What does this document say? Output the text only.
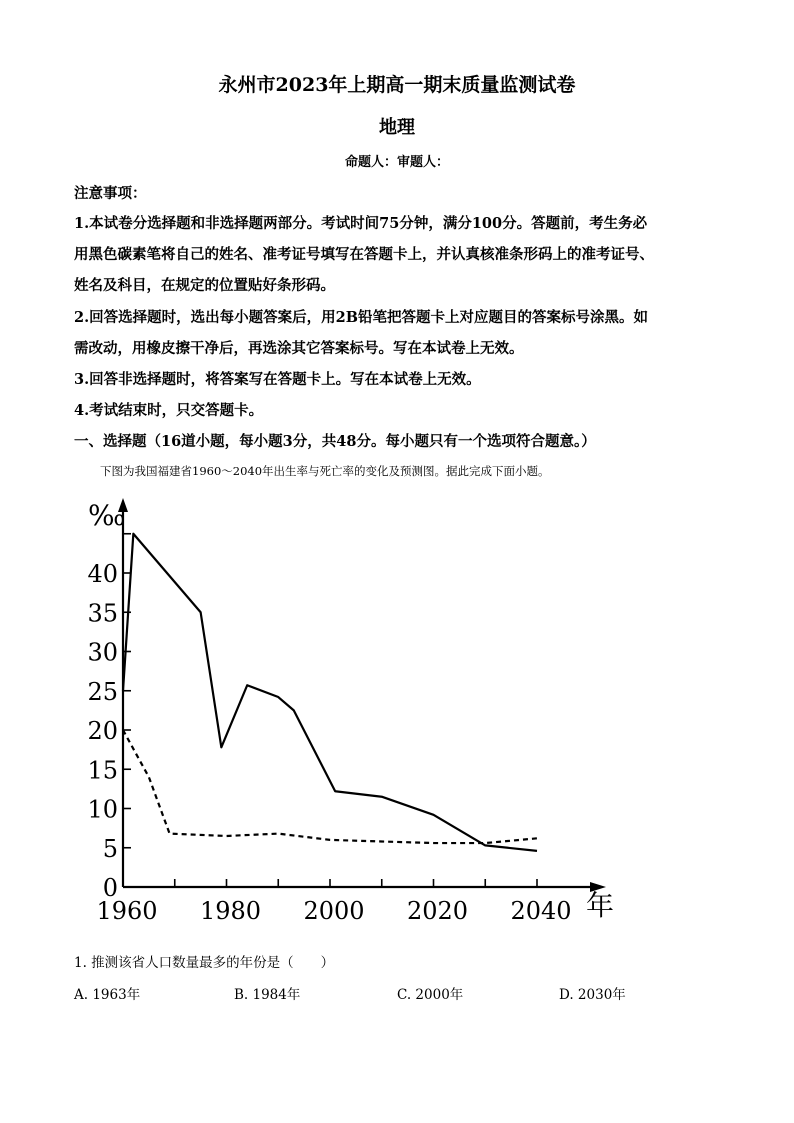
永州市2023年上期高一期末质量监测试卷
地理
命题人：审题人：
注意事项：
1.本试卷分选择题和非选择题两部分。考试时间75分钟，满分100分。答题前，考生务必
用黑色碳素笔将自己的姓名、准考证号填写在答题卡上，并认真核准条形码上的准考证号、
姓名及科目，在规定的位置贴好条形码。
2.回答选择题时，选出每小题答案后，用2B铅笔把答题卡上对应题目的答案标号涂黑。如
需改动，用橡皮擦干净后，再选涂其它答案标号。写在本试卷上无效。
3.回答非选择题时，将答案写在答题卡上。写在本试卷上无效。
4.考试结束时，只交答题卡。
一、选择题（16道小题，每小题3分，共48分。每小题只有一个选项符合题意。）
下图为我国福建省1960～2040年出生率与死亡率的变化及预测图。据此完成下面小题。
0
5
10
15
20
25
30
35
40
1960 1980 2000 2020 2040
‰
年
1. 推测该省人口数量最多的年份是（　　）
A. 1963年	B. 1984年	C. 2000年	D. 2030年
